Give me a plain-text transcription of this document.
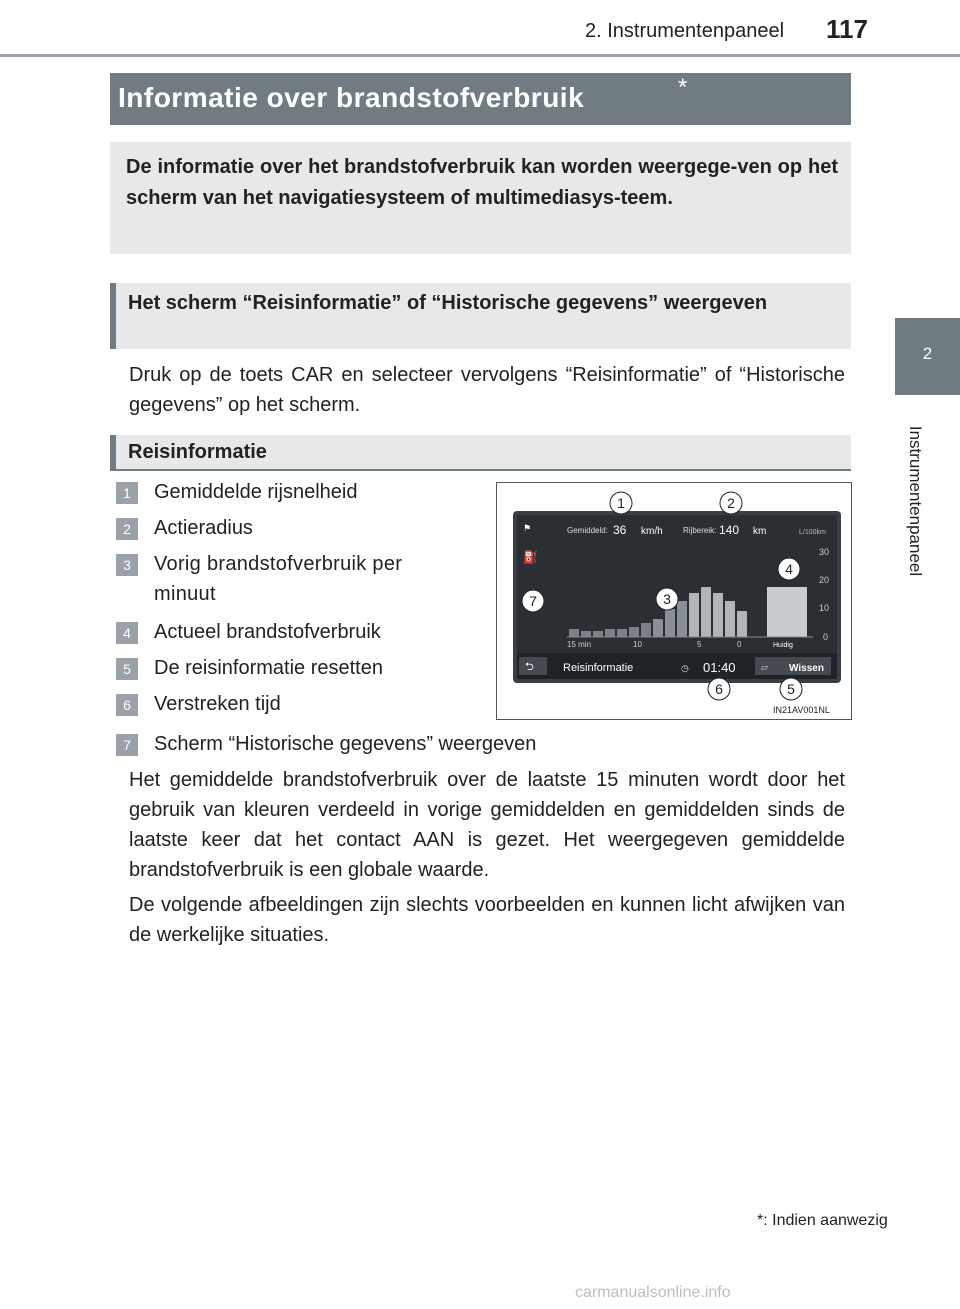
2. Instrumentenpaneel 117
2
Instrumentenpaneel
Informatie over brandstofverbruik	*

De informatie over het brandstofverbruik kan worden weergege-ven op het scherm van het navigatiesysteem of multimediasys-teem.

Het scherm “Reisinformatie” of “Historische gegevens” weergeven

Druk op de toets CAR en selecteer vervolgens “Reisinformatie” of “Historische gegevens” op het scherm.
Reisinformatie
1	Gemiddelde rijsnelheid
2	Actieradius
3	Vorig brandstofverbruik per minuut
4	Actueel brandstofverbruik
5	De reisinformatie resetten
6	Verstreken tijd
7	Scherm “Historische gegevens” weergeven
⚑	Gemiddeld: 36 km/h	Rijbereik: 140 km	L/100km
⛽	30
20
10
0
15 min	10	5	0	Huidig
⮌	Reisinformatie	◷ 01:40	▱ Wissen
1	2
3
4
5
6
7
IN21AV001NL
Het gemiddelde brandstofverbruik over de laatste 15 minuten wordt door het gebruik van kleuren verdeeld in vorige gemiddelden en gemiddelden sinds de laatste keer dat het contact AAN is gezet. Het weergegeven gemiddelde brandstofverbruik is een globale waarde.
De volgende afbeeldingen zijn slechts voorbeelden en kunnen licht afwijken van de werkelijke situaties.
*: Indien aanwezig
carmanualsonline.info
